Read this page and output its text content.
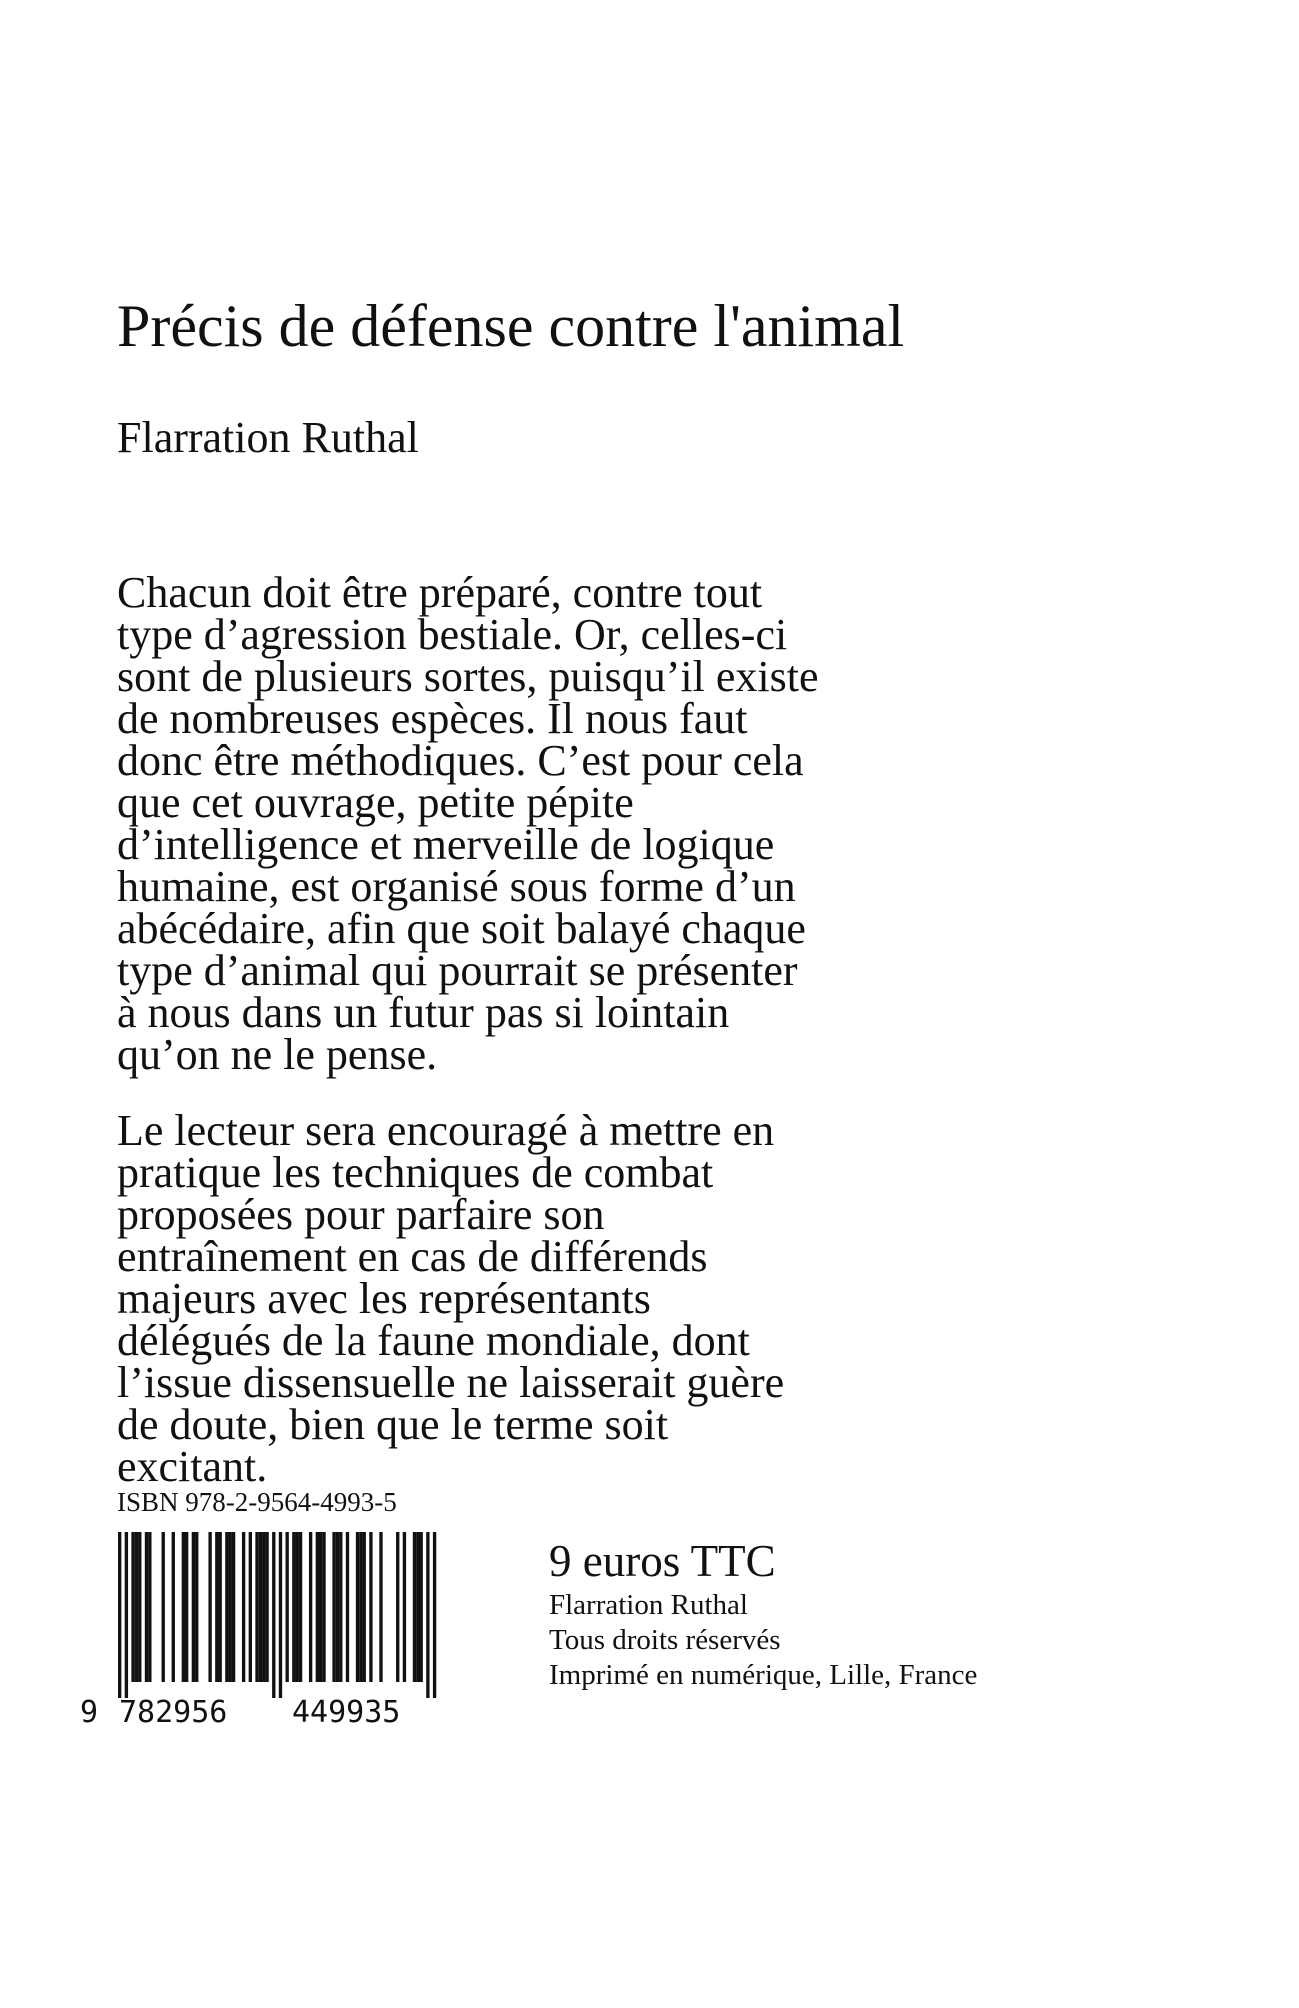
Précis de défense contre l'animal
Flarration Ruthal

Chacun doit être préparé, contre tout
type d’agression bestiale. Or, celles-ci
sont de plusieurs sortes, puisqu’il existe
de nombreuses espèces. Il nous faut
donc être méthodiques. C’est pour cela
que cet ouvrage, petite pépite
d’intelligence et merveille de logique
humaine, est organisé sous forme d’un
abécédaire, afin que soit balayé chaque
type d’animal qui pourrait se présenter
à nous dans un futur pas si lointain
qu’on ne le pense.

Le lecteur sera encouragé à mettre en
pratique les techniques de combat
proposées pour parfaire son
entraînement en cas de différends
majeurs avec les représentants
délégués de la faune mondiale, dont
l’issue dissensuelle ne laisserait guère
de doute, bien que le terme soit
excitant.

ISBN 978-2-9564-4993-5
9 782956 449935
9 euros TTC
Flarration Ruthal
Tous droits réservés
Imprimé en numérique, Lille, France
